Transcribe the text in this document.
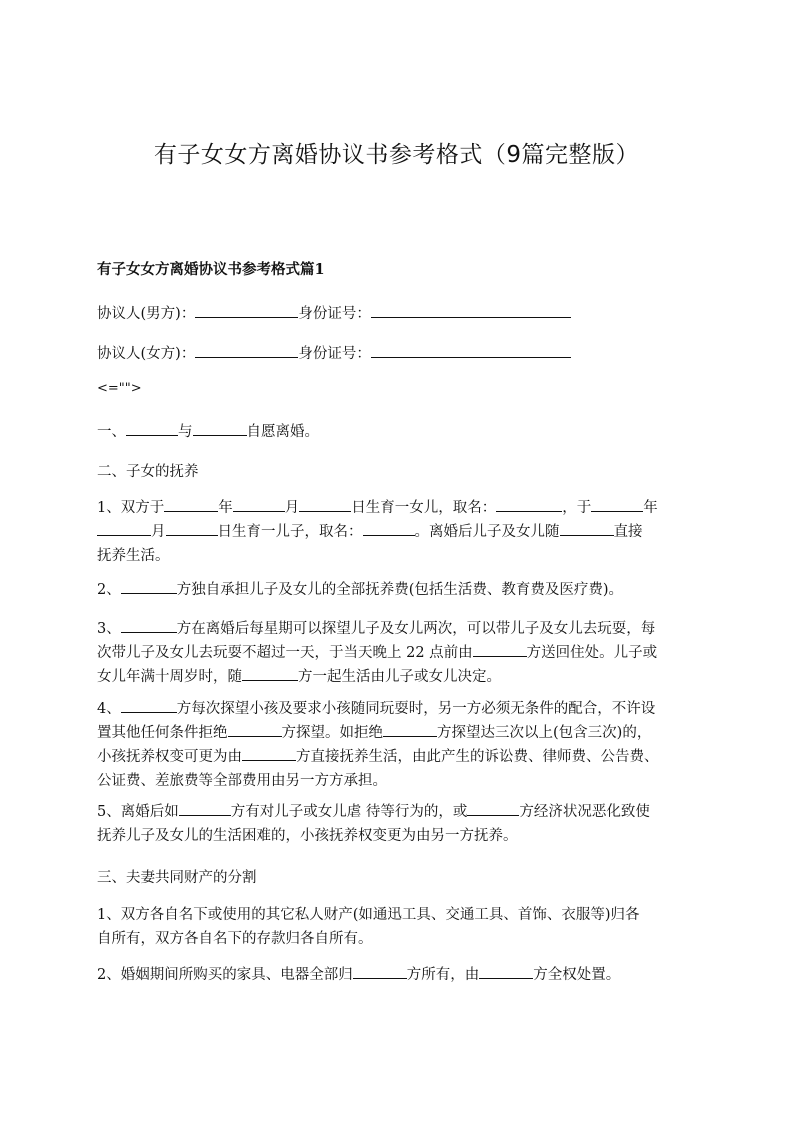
有子女女方离婚协议书参考格式（9篇完整版）
有子女女方离婚协议书参考格式篇1
协议人(男方)：	身份证号：
协议人(女方)：	身份证号：
<="">
一、	与	自愿离婚。
二、子女的抚养
1、双方于	年	月	日生育一女儿，取名：	，于	年
月	日生育一儿子，取名：	。离婚后儿子及女儿随	直接
抚养生活。
2、	方独自承担儿子及女儿的全部抚养费(包括生活费、教育费及医疗费)。
3、	方在离婚后每星期可以探望儿子及女儿两次，可以带儿子及女儿去玩耍，每
次带儿子及女儿去玩耍不超过一天，于当天晚上 22 点前由	方送回住处。儿子或
女儿年满十周岁时，随	方一起生活由儿子或女儿决定。
4、	方每次探望小孩及要求小孩随同玩耍时，另一方必须无条件的配合，不许设
置其他任何条件拒绝	方探望。如拒绝	方探望达三次以上(包含三次)的，
小孩抚养权变可更为由	方直接抚养生活，由此产生的诉讼费、律师费、公告费、
公证费、差旅费等全部费用由另一方方承担。
5、离婚后如	方有对儿子或女儿虐 待等行为的，或	方经济状况恶化致使
抚养儿子及女儿的生活困难的，小孩抚养权变更为由另一方抚养。
三、夫妻共同财产的分割
1、双方各自名下或使用的其它私人财产(如通迅工具、交通工具、首饰、衣服等)归各
自所有，双方各自名下的存款归各自所有。
2、婚姻期间所购买的家具、电器全部归	方所有，由	方全权处置。
